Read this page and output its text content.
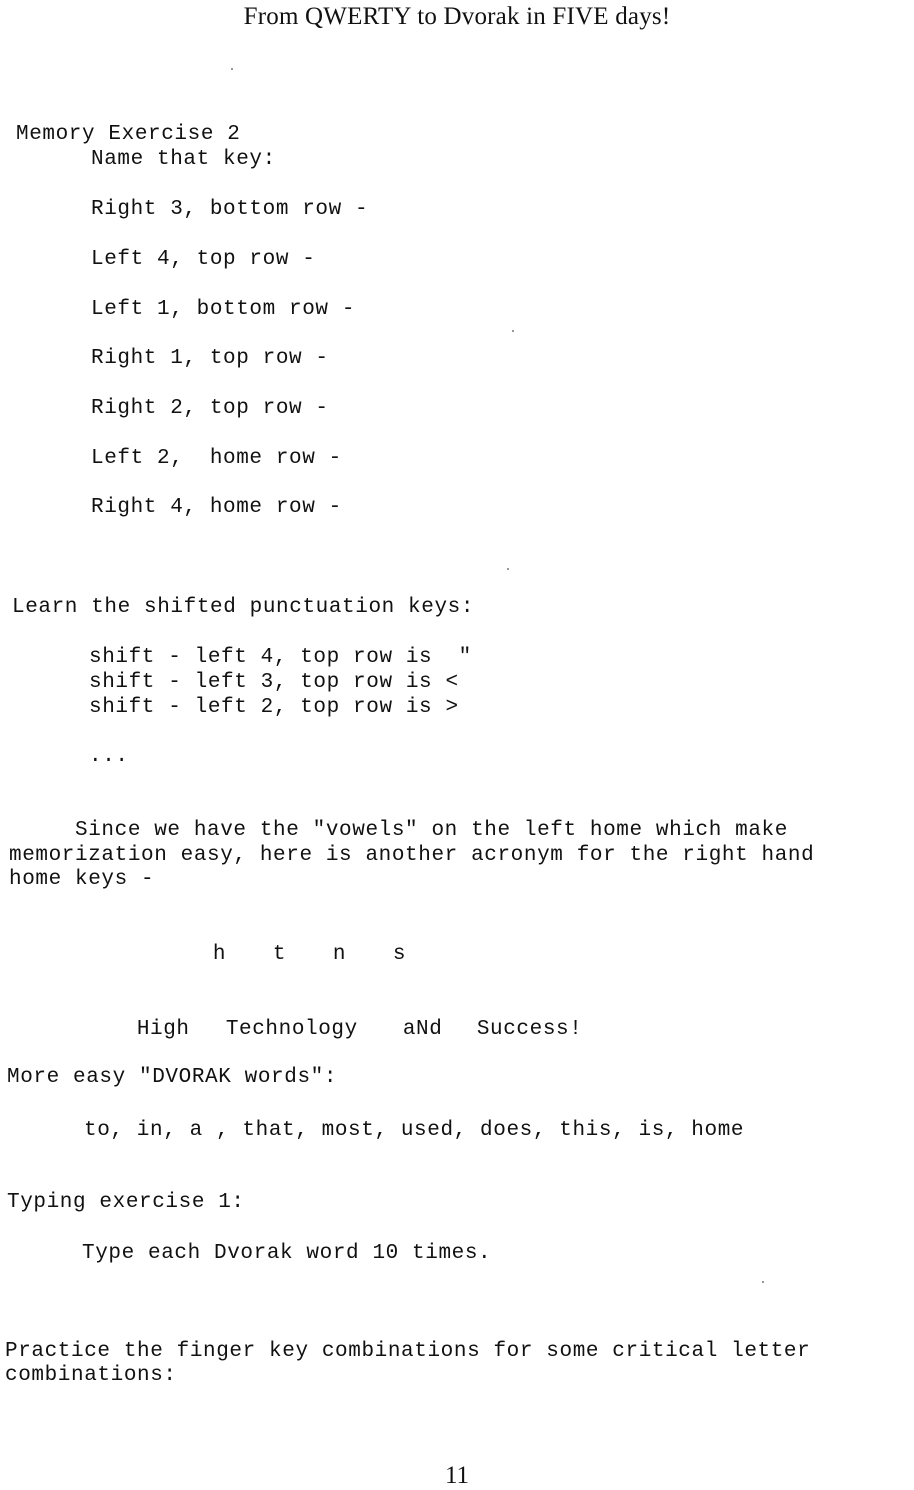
From QWERTY to Dvorak in FIVE days!
Memory Exercise 2
Name that key:
Right 3, bottom row -
Left 4, top row -
Left 1, bottom row -
Right 1, top row -
Right 2, top row -
Left 2,  home row -
Right 4, home row -
Learn the shifted punctuation keys:
shift - left 4, top row is  "
shift - left 3, top row is <
shift - left 2, top row is >
...
Since we have the "vowels" on the left home which make
memorization easy, here is another acronym for the right hand
home keys -

h t n s

High Technology aNd Success!

More easy "DVORAK words":
to, in, a , that, most, used, does, this, is, home
Typing exercise 1:
Type each Dvorak word 10 times.
Practice the finger key combinations for some critical letter
combinations:
11
